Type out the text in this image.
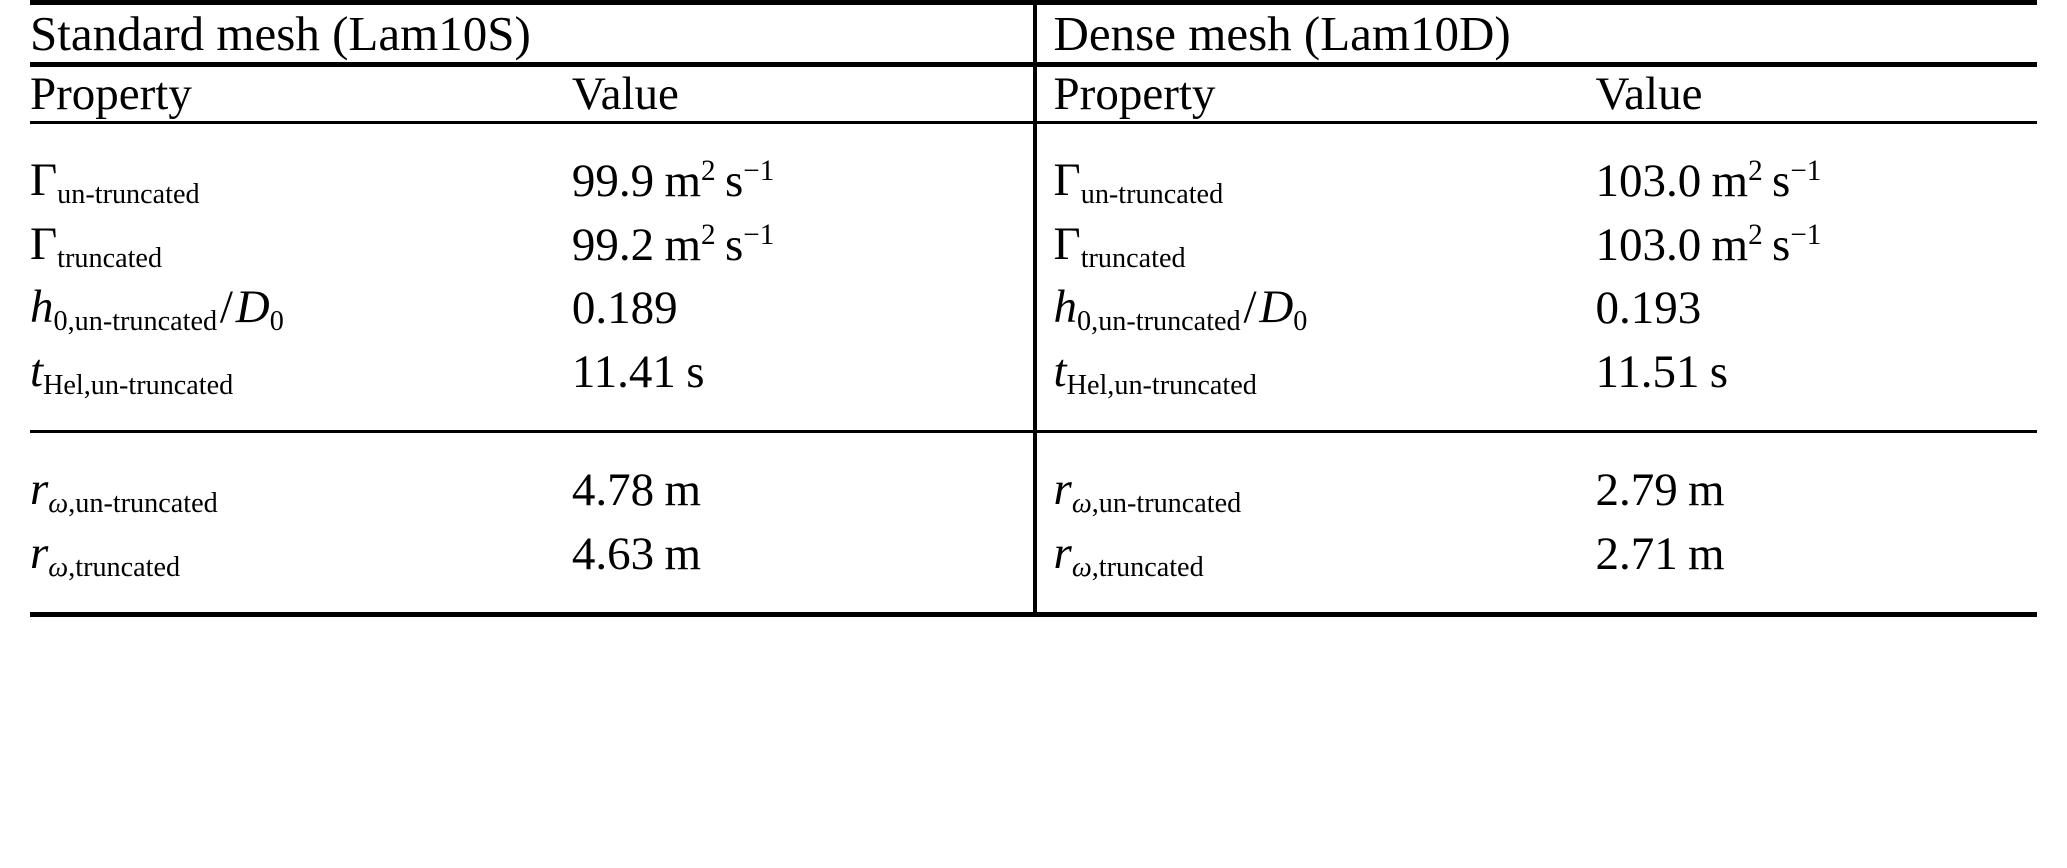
Standard mesh (Lam10S)			Dense mesh (Lam10D)	
Property	Value		Property	Value
$\Gamma_{un-truncated}$	99.9 $m^2$ $s^{-1}$		$\Gamma_{un-truncated}$	103.0 $m^2$ $s^{-1}$
$\Gamma_{truncated}$	99.2 $m^2$ $s^{-1}$		$\Gamma_{truncated}$	103.0 $m^2$ $s^{-1}$
$h_{0,un-truncated}/D_0$	0.189		$h_{0,un-truncated}/D_0$	0.193
$t_{Hel,un-truncated}$	11.41 s		$t_{Hel,un-truncated}$	11.51 s
$r_{\omega,un-truncated}$	4.78 m		$r_{\omega,un-truncated}$	2.79 m
$r_{\omega,truncated}$	4.63 m		$r_{\omega,truncated}$	2.71 m
